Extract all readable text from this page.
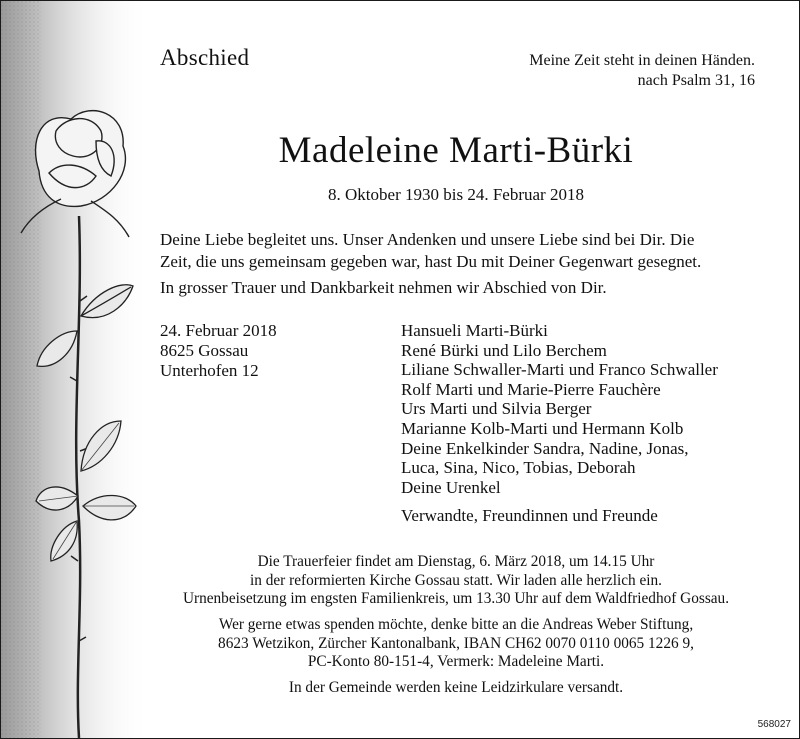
Abschied	Meine Zeit steht in deinen Händen.
nach Psalm 31, 16
Madeleine Marti-Bürki
8. Oktober 1930 bis 24. Februar 2018
Deine Liebe begleitet uns. Unser Andenken und unsere Liebe sind bei Dir. Die
Zeit, die uns gemeinsam gegeben war, hast Du mit Deiner Gegenwart gesegnet.
In grosser Trauer und Dankbarkeit nehmen wir Abschied von Dir.
24. Februar 2018
8625 Gossau
Unterhofen 12
Hansueli Marti-Bürki
René Bürki und Lilo Berchem
Liliane Schwaller-Marti und Franco Schwaller
Rolf Marti und Marie-Pierre Fauchère
Urs Marti und Silvia Berger
Marianne Kolb-Marti und Hermann Kolb
Deine Enkelkinder Sandra, Nadine, Jonas,
Luca, Sina, Nico, Tobias, Deborah
Deine Urenkel
Verwandte, Freundinnen und Freunde
Die Trauerfeier findet am Dienstag, 6. März 2018, um 14.15 Uhr
in der reformierten Kirche Gossau statt. Wir laden alle herzlich ein.
Urnenbeisetzung im engsten Familienkreis, um 13.30 Uhr auf dem Waldfriedhof Gossau.
Wer gerne etwas spenden möchte, denke bitte an die Andreas Weber Stiftung,
8623 Wetzikon, Zürcher Kantonalbank, IBAN CH62 0070 0110 0065 1226 9,
PC-Konto 80-151-4, Vermerk: Madeleine Marti.
In der Gemeinde werden keine Leidzirkulare versandt.
568027
